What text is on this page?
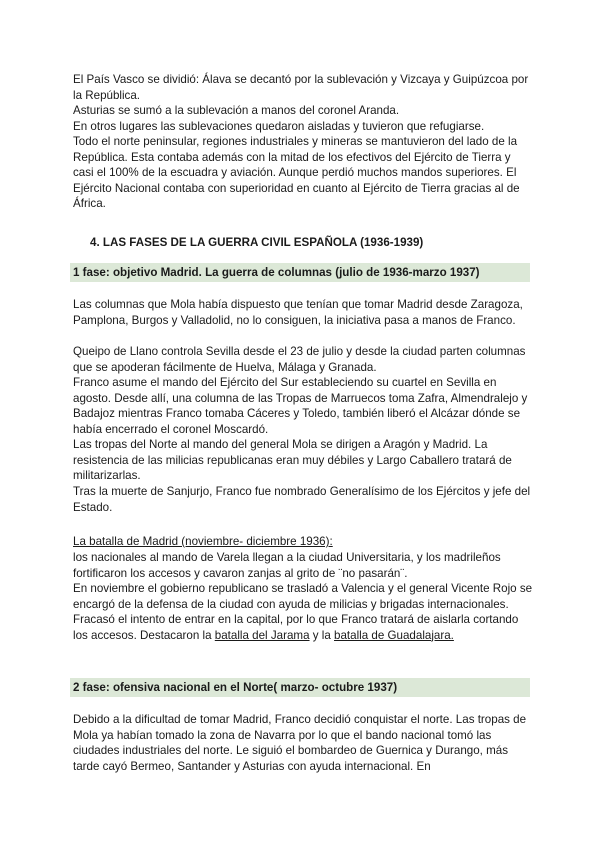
El País Vasco se dividió: Álava se decantó por la sublevación y Vizcaya y Guipúzcoa por la República.

Asturias se sumó a la sublevación a manos del coronel Aranda.

En otros lugares las sublevaciones quedaron aisladas y tuvieron que refugiarse.

Todo el norte peninsular, regiones industriales y mineras se mantuvieron del lado de la República. Esta contaba además con la mitad de los efectivos del Ejército de Tierra y casi el 100% de la escuadra y aviación. Aunque perdió muchos mandos superiores. El Ejército Nacional contaba con superioridad en cuanto al Ejército de Tierra gracias al de África.

4. LAS FASES DE LA GUERRA CIVIL ESPAÑOLA (1936-1939)

1 fase: objetivo Madrid. La guerra de columnas (julio de 1936-marzo 1937)

Las columnas que Mola había dispuesto que tenían que tomar Madrid desde Zaragoza, Pamplona, Burgos y Valladolid, no lo consiguen, la iniciativa pasa a manos de Franco.

Queipo de Llano controla Sevilla desde el 23 de julio y desde la ciudad parten columnas que se apoderan fácilmente de Huelva, Málaga y Granada.

Franco asume el mando del Ejército del Sur estableciendo su cuartel en Sevilla en agosto. Desde allí, una columna de las Tropas de Marruecos toma Zafra, Almendralejo y Badajoz mientras Franco tomaba Cáceres y Toledo, también liberó el Alcázar dónde se había encerrado el coronel Moscardó.

Las tropas del Norte al mando del general Mola se dirigen a Aragón y Madrid. La resistencia de las milicias republicanas eran muy débiles y Largo Caballero tratará de militarizarlas.

Tras la muerte de Sanjurjo, Franco fue nombrado Generalísimo de los Ejércitos y jefe del Estado.

La batalla de Madrid (noviembre- diciembre 1936):

los nacionales al mando de Varela llegan a la ciudad Universitaria, y los madrileños fortificaron los accesos y cavaron zanjas al grito de ¨no pasarán¨.

En noviembre el gobierno republicano se trasladó a Valencia y el general Vicente Rojo se encargó de la defensa de la ciudad con ayuda de milicias y brigadas internacionales. Fracasó el intento de entrar en la capital, por lo que Franco tratará de aislarla cortando los accesos. Destacaron la batalla del Jarama y la batalla de Guadalajara.

2 fase: ofensiva nacional en el Norte( marzo- octubre 1937)

Debido a la dificultad de tomar Madrid, Franco decidió conquistar el norte. Las tropas de Mola ya habían tomado la zona de Navarra por lo que el bando nacional tomó las ciudades industriales del norte. Le siguió el bombardeo de Guernica y Durango, más tarde cayó Bermeo, Santander y Asturias con ayuda internacional. En
